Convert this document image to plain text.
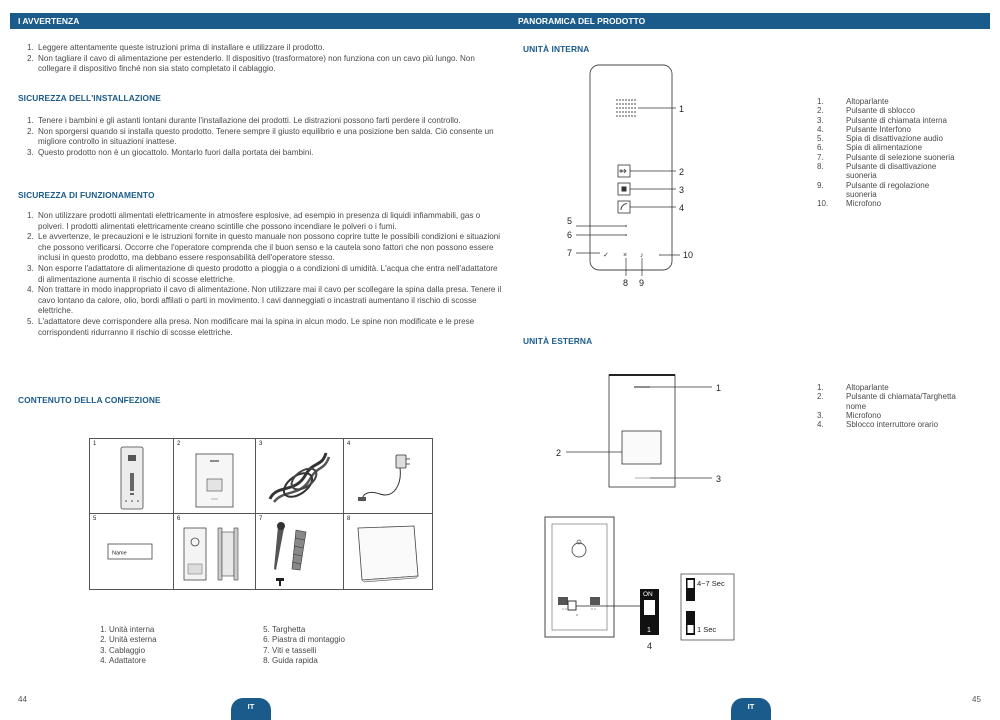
I AVVERTENZA
1. Leggere attentamente queste istruzioni prima di installare e utilizzare il prodotto.
2. Non tagliare il cavo di alimentazione per estenderlo. Il dispositivo (trasformatore) non funziona con un cavo più lungo. Non collegare il dispositivo finché non sia stato completato il cablaggio.
SICUREZZA DELL'INSTALLAZIONE
1. Tenere i bambini e gli astanti lontani durante l'installazione dei prodotti. Le distrazioni possono farti perdere il controllo.
2. Non sporgersi quando si installa questo prodotto. Tenere sempre il giusto equilibrio e una posizione ben salda. Ciò consente un migliore controllo in situazioni inattese.
3. Questo prodotto non è un giocattolo. Montarlo fuori dalla portata dei bambini.
SICUREZZA DI FUNZIONAMENTO
1. Non utilizzare prodotti alimentati elettricamente in atmosfere esplosive, ad esempio in presenza di liquidi infiammabili, gas o polveri. I prodotti alimentati elettricamente creano scintille che possono incendiare le polveri o i fumi.
2. Le avvertenze, le precauzioni e le istruzioni fornite in questo manuale non possono coprire tutte le possibili condizioni e situazioni che possono verificarsi. Occorre che l'operatore comprenda che il buon senso e la cautela sono fattori che non possono essere inclusi in questo prodotto, ma debbano essere responsabilità dell'operatore stesso.
3. Non esporre l'adattatore di alimentazione di questo prodotto a pioggia o a condizioni di umidità. L'acqua che entra nell'adattatore di alimentazione aumenta il rischio di scosse elettriche.
4. Non trattare in modo inappropriato il cavo di alimentazione. Non utilizzare mai il cavo per scollegare la spina dalla presa. Tenere il cavo lontano da calore, olio, bordi affilati o parti in movimento. I cavi danneggiati o incastrati aumentano il rischio di scosse elettriche.
5. L'adattatore deve corrispondere alla presa. Non modificare mai la spina in alcun modo. Le spine non modificate e le prese corrispondenti ridurranno il rischio di scosse elettriche.
CONTENUTO DELLA CONFEZIONE
1	2	3	4
5
Name
6	7	8
1. Unità interna
2. Unità esterna
3. Cablaggio
4. Adattatore
5. Targhetta
6. Piastra di montaggio
7. Viti e tasselli
8. Guida rapida
44
IT
PANORAMICA DEL PRODOTTO
UNITÀ INTERNA
✓ × ♪
1
2
3
4
5
6
7
8 9
10
1.	Altoparlante
2.	Pulsante di sblocco
3.	Pulsante di chiamata interna
4.	Pulsante Interfono
5.	Spia di disattivazione audio
6.	Spia di alimentazione
7.	Pulsante di selezione suoneria
8.	Pulsante di disattivazione suoneria
9.	Pulsante di regolazione suoneria
10. Microfono
UNITÀ ESTERNA
1
2
3
1.	Altoparlante
2.	Pulsante di chiamata/Targhetta nome
3.	Microfono
4.	Sblocco interruttore orario
ON
1
4
4~7 Sec
1 Sec
45
IT
